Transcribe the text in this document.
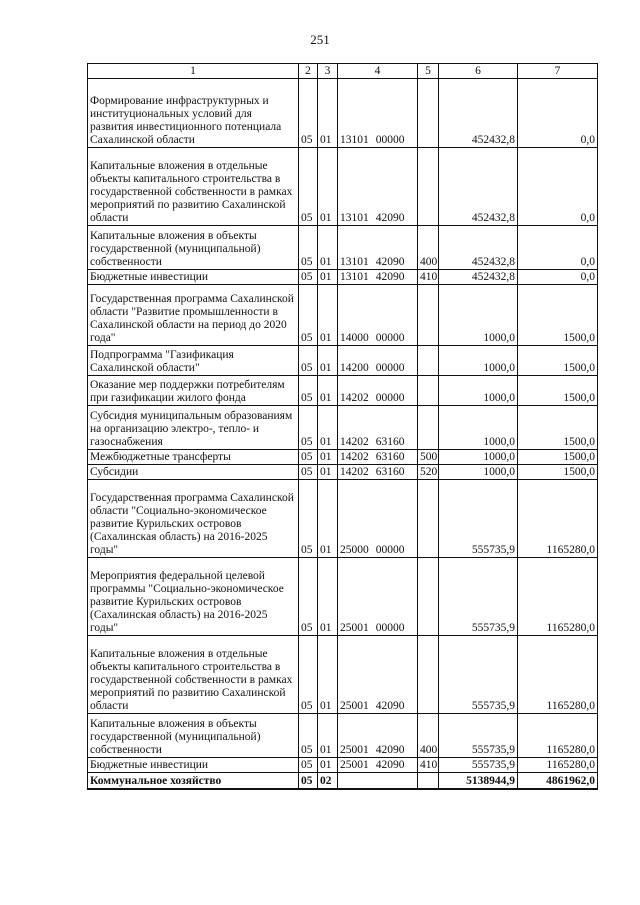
251
1	2	3	4	5	6	7
Формирование инфраструктурных и институциональных условий для развития инвестиционного потенциала Сахалинской области	05	01	13101 00000		452432,8	0,0
Капитальные вложения в отдельные объекты капитального строительства в государственной собственности в рамках мероприятий по развитию Сахалинской области	05	01	13101 42090		452432,8	0,0
Капитальные вложения в объекты государственной (муниципальной) собственности	05	01	13101 42090	400	452432,8	0,0
Бюджетные инвестиции	05	01	13101 42090	410	452432,8	0,0
Государственная программа Сахалинской области "Развитие промышленности в Сахалинской области на период до 2020 года"	05	01	14000 00000		1000,0	1500,0
Подпрограмма "Газификация Сахалинской области"	05	01	14200 00000		1000,0	1500,0
Оказание мер поддержки потребителям при газификации жилого фонда	05	01	14202 00000		1000,0	1500,0
Субсидия муниципальным образованиям на организацию электро-, тепло- и газоснабжения	05	01	14202 63160		1000,0	1500,0
Межбюджетные трансферты	05	01	14202 63160	500	1000,0	1500,0
Субсидии	05	01	14202 63160	520	1000,0	1500,0
Государственная программа Сахалинской области "Социально-экономическое развитие Курильских островов (Сахалинская область) на 2016-2025 годы"	05	01	25000 00000		555735,9	1165280,0
Мероприятия федеральной целевой программы "Социально-экономическое развитие Курильских островов (Сахалинская область) на 2016-2025 годы"	05	01	25001 00000		555735,9	1165280,0
Капитальные вложения в отдельные объекты капитального строительства в государственной собственности в рамках мероприятий по развитию Сахалинской области	05	01	25001 42090		555735,9	1165280,0
Капитальные вложения в объекты государственной (муниципальной) собственности	05	01	25001 42090	400	555735,9	1165280,0
Бюджетные инвестиции	05	01	25001 42090	410	555735,9	1165280,0
Коммунальное хозяйство	05	02			5138944,9	4861962,0
